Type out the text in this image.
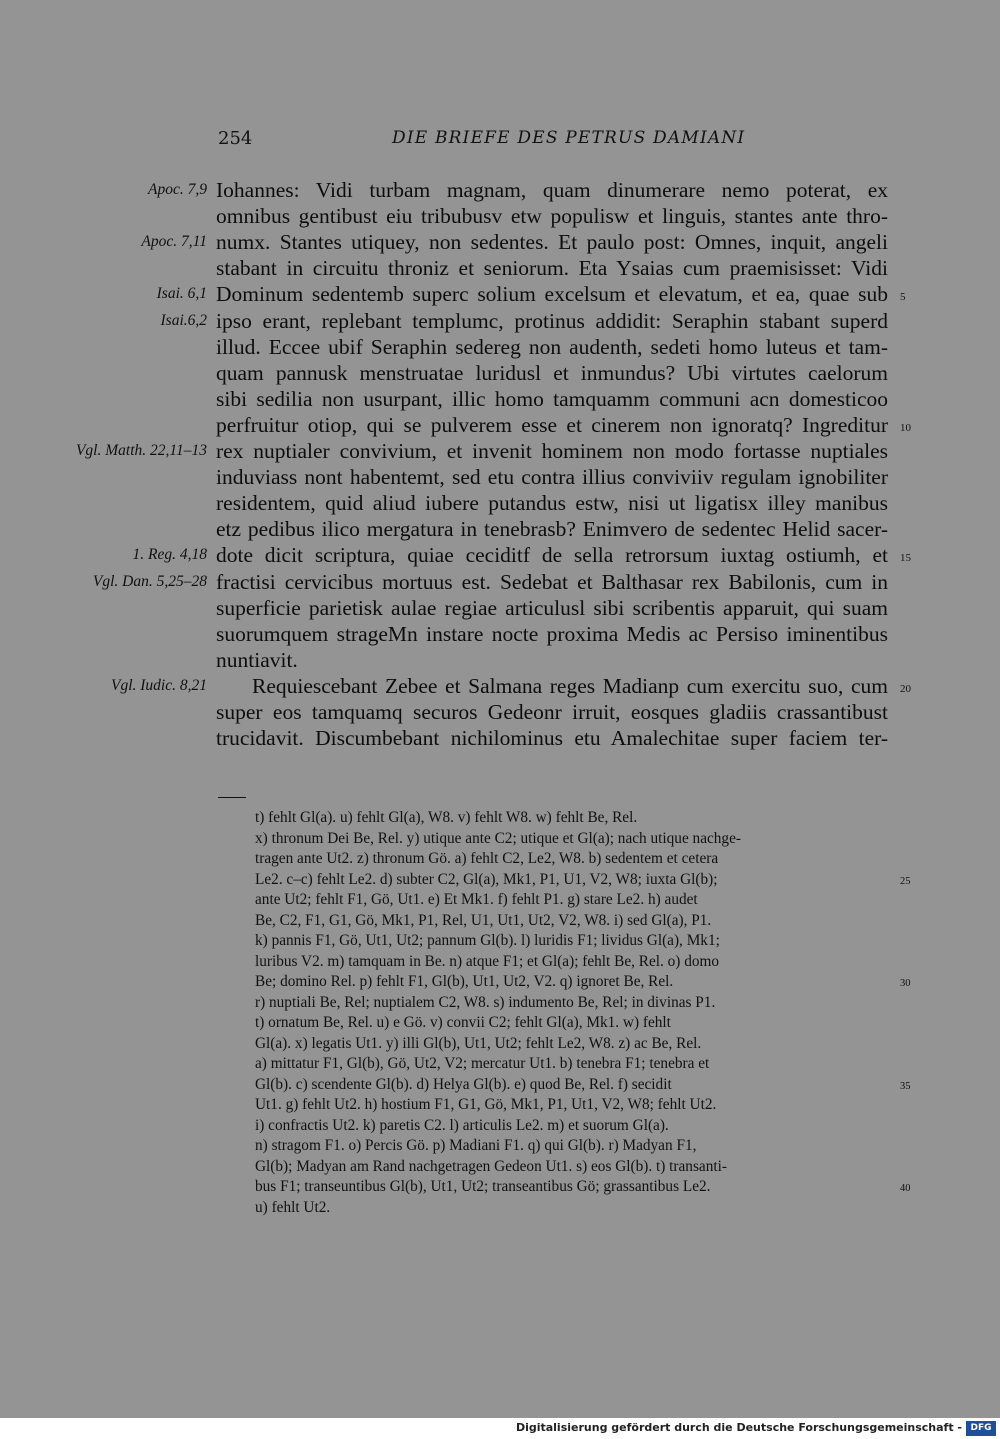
254	DIE BRIEFE DES PETRUS DAMIANI
Iohannes: Vidi turbam magnam, quam dinumerare nemo poterat, ex
omnibus gentibust eiu tribubusv etw populisw et linguis, stantes ante thro-
numx. Stantes utiquey, non sedentes. Et paulo post: Omnes, inquit, angeli
stabant in circuitu throniz et seniorum. Eta Ysaias cum praemisisset: Vidi
Dominum sedentemb superc solium excelsum et elevatum, et ea, quae sub
ipso erant, replebant templumc, protinus addidit: Seraphin stabant superd
illud. Eccee ubif Seraphin sedereg non audenth, sedeti homo luteus et tam-
quam pannusk menstruatae luridusl et inmundus? Ubi virtutes caelorum
sibi sedilia non usurpant, illic homo tamquamm communi acn domesticoo
perfruitur otiop, qui se pulverem esse et cinerem non ignoratq? Ingreditur
rex nuptialer convivium, et invenit hominem non modo fortasse nuptiales
induviass nont habentemt, sed etu contra illius conviviiv regulam ignobiliter
residentem, quid aliud iubere putandus estw, nisi ut ligatisx illey manibus
etz pedibus ilico mergatura in tenebrasb? Enimvero de sedentec Helid sacer-
dote dicit scriptura, quiae ceciditf de sella retrorsum iuxtag ostiumh, et
fractisi cervicibus mortuus est. Sedebat et Balthasar rex Babilonis, cum in
superficie parietisk aulae regiae articulusl sibi scribentis apparuit, qui suam
suorumquem strageMn instare nocte proxima Medis ac Persiso iminentibus
nuntiavit.
Requiescebant Zebee et Salmana reges Madianp cum exercitu suo, cum
super eos tamquamq securos Gedeonr irruit, eosques gladiis crassantibust
trucidavit. Discumbebant nichilominus etu Amalechitae super faciem ter-
Apoc. 7,9
Apoc. 7,11
Isai. 6,1
Isai.6,2
Vgl. Matth. 22,11–13
1. Reg. 4,18
Vgl. Dan. 5,25–28
Vgl. Iudic. 8,21
5
10
15
20
t) fehlt Gl(a). u) fehlt Gl(a), W8. v) fehlt W8. w) fehlt Be, Rel.
x) thronum Dei Be, Rel. y) utique ante C2; utique et Gl(a); nach utique nachge-
tragen ante Ut2. z) thronum Gö. a) fehlt C2, Le2, W8. b) sedentem et cetera
Le2. c–c) fehlt Le2. d) subter C2, Gl(a), Mk1, P1, U1, V2, W8; iuxta Gl(b);
ante Ut2; fehlt F1, Gö, Ut1. e) Et Mk1. f) fehlt P1. g) stare Le2. h) audet
Be, C2, F1, G1, Gö, Mk1, P1, Rel, U1, Ut1, Ut2, V2, W8. i) sed Gl(a), P1.
k) pannis F1, Gö, Ut1, Ut2; pannum Gl(b). l) luridis F1; lividus Gl(a), Mk1;
luribus V2. m) tamquam in Be. n) atque F1; et Gl(a); fehlt Be, Rel. o) domo
Be; domino Rel. p) fehlt F1, Gl(b), Ut1, Ut2, V2. q) ignoret Be, Rel.
r) nuptiali Be, Rel; nuptialem C2, W8. s) indumento Be, Rel; in divinas P1.
t) ornatum Be, Rel. u) e Gö. v) convii C2; fehlt Gl(a), Mk1. w) fehlt
Gl(a). x) legatis Ut1. y) illi Gl(b), Ut1, Ut2; fehlt Le2, W8. z) ac Be, Rel.
a) mittatur F1, Gl(b), Gö, Ut2, V2; mercatur Ut1. b) tenebra F1; tenebra et
Gl(b). c) scendente Gl(b). d) Helya Gl(b). e) quod Be, Rel. f) secidit
Ut1. g) fehlt Ut2. h) hostium F1, G1, Gö, Mk1, P1, Ut1, V2, W8; fehlt Ut2.
i) confractis Ut2. k) paretis C2. l) articulis Le2. m) et suorum Gl(a).
n) stragom F1. o) Percis Gö. p) Madiani F1. q) qui Gl(b). r) Madyan F1,
Gl(b); Madyan am Rand nachgetragen Gedeon Ut1. s) eos Gl(b). t) transanti-
bus F1; transeuntibus Gl(b), Ut1, Ut2; transeantibus Gö; grassantibus Le2.
u) fehlt Ut2.
25
30
35
40
Digitalisierung gefördert durch die Deutsche Forschungsgemeinschaft - DFG
